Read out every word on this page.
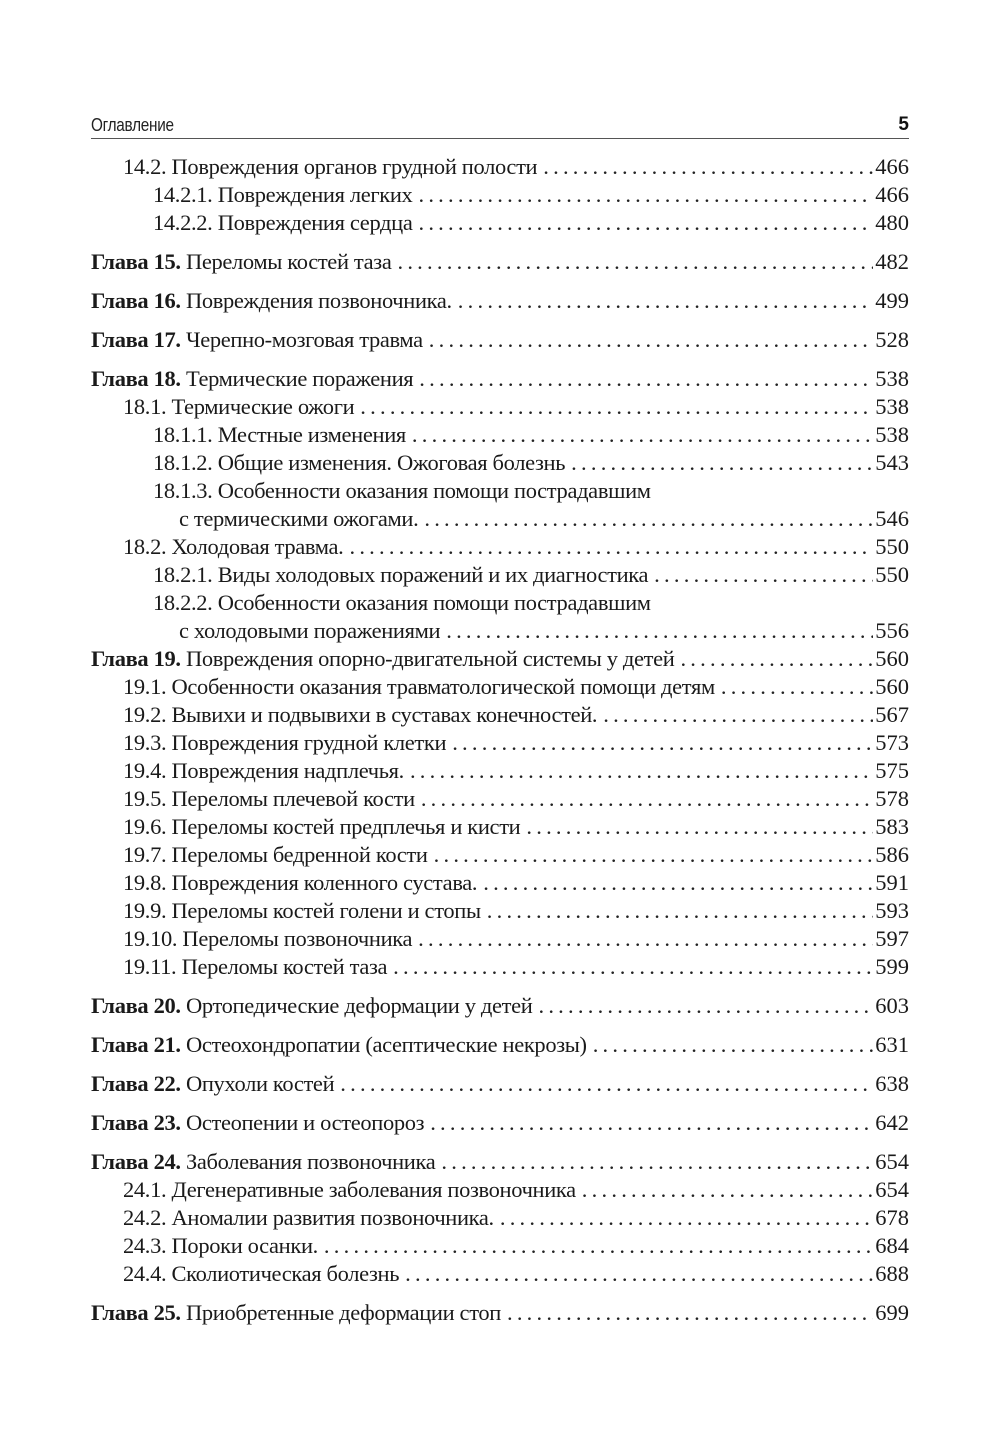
Оглавление	5
14.2. Повреждения органов грудной полости . . .	466
14.2.1. Повреждения легких . . .	466
14.2.2. Повреждения сердца . . .	480
Глава 15. Переломы костей таза . . .	482
Глава 16. Повреждения позвоночника. . . .	499
Глава 17. Черепно-мозговая травма . . .	528
Глава 18. Термические поражения . . .	538
18.1. Термические ожоги . . .	538
18.1.1. Местные изменения . . .	538
18.1.2. Общие изменения. Ожоговая болезнь . . .	543
18.1.3. Особенности оказания помощи пострадавшим
с термическими ожогами. . . .	546
18.2. Холодовая травма. . . .	550
18.2.1. Виды холодовых поражений и их диагностика . . .	550
18.2.2. Особенности оказания помощи пострадавшим
с холодовыми поражениями . . .	556
Глава 19. Повреждения опорно-двигательной системы у детей . . .	560
19.1. Особенности оказания травматологической помощи детям . . .	560
19.2. Вывихи и подвывихи в суставах конечностей. . . .	567
19.3. Повреждения грудной клетки . . .	573
19.4. Повреждения надплечья. . . .	575
19.5. Переломы плечевой кости . . .	578
19.6. Переломы костей предплечья и кисти . . .	583
19.7. Переломы бедренной кости . . .	586
19.8. Повреждения коленного сустава. . . .	591
19.9. Переломы костей голени и стопы . . .	593
19.10. Переломы позвоночника . . .	597
19.11. Переломы костей таза . . .	599
Глава 20. Ортопедические деформации у детей . . .	603
Глава 21. Остеохондропатии (асептические некрозы) . . .	631
Глава 22. Опухоли костей . . .	638
Глава 23. Остеопении и остеопороз . . .	642
Глава 24. Заболевания позвоночника . . .	654
24.1. Дегенеративные заболевания позвоночника . . .	654
24.2. Аномалии развития позвоночника. . . .	678
24.3. Пороки осанки. . . .	684
24.4. Сколиотическая болезнь . . .	688
Глава 25. Приобретенные деформации стоп . . .	699
